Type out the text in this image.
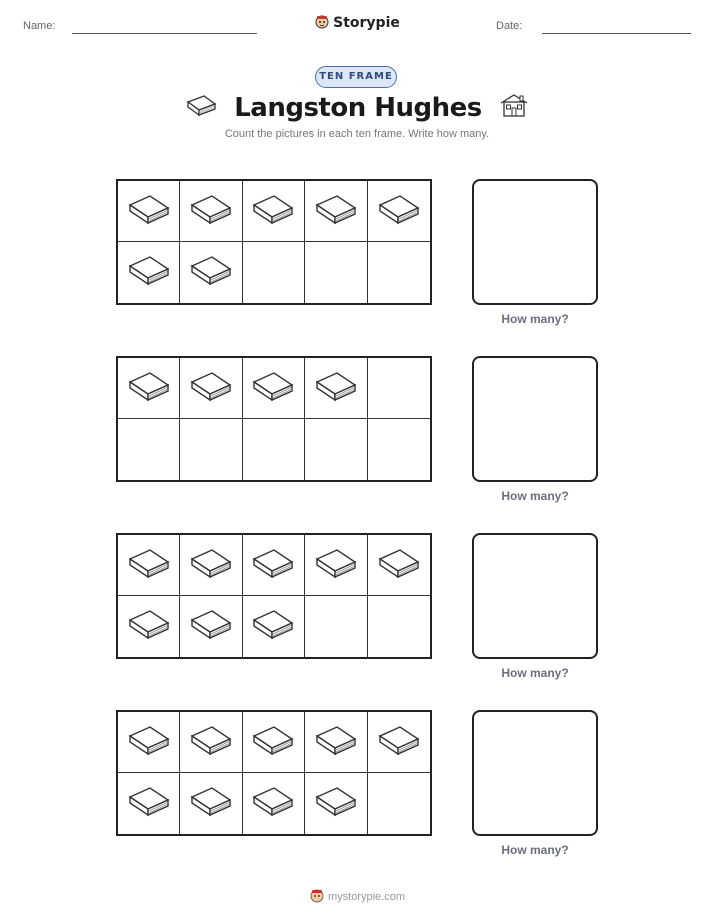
Name:	Storypie	Date:
TEN FRAME
Langston Hughes
Count the pictures in each ten frame. Write how many.
How many?
How many?
How many?
How many?
mystorypie.com
